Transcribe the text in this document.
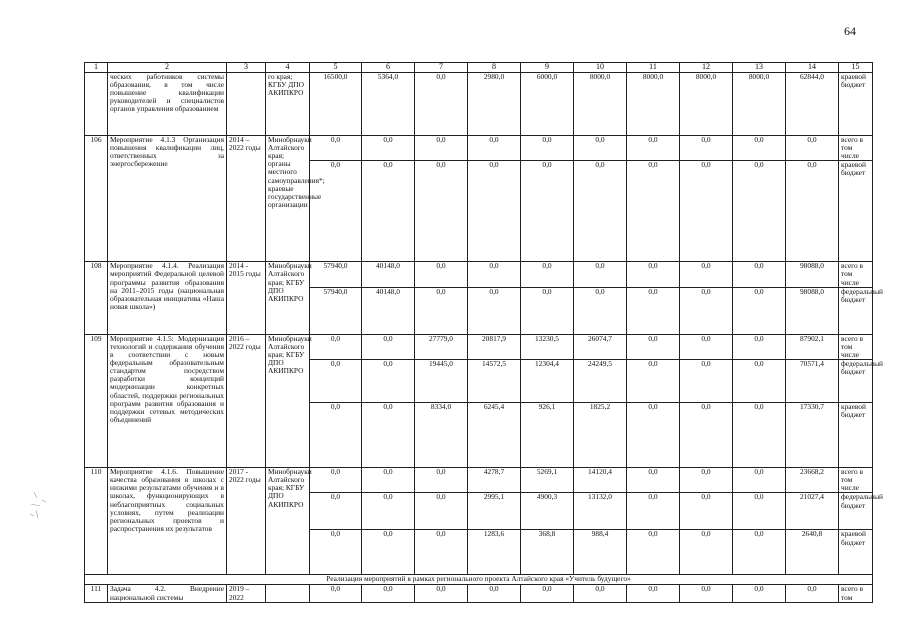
64
1	2	3	4	5	6	7	8	9	10	11	12	13	14	15
	ческих работников системы образования, в том числе повышение квалификации руководителей и специалистов органов управления образованием		го края; КГБУ ДПО АКИПКРО	16500,0	5364,0	0,0	2980,0	6000,0	8000,0	8000,0	8000,0	8000,0	62844,0	краевой бюджет
106	Мероприятие 4.1.3 Организация повышения квалификации лиц, ответственных за энергосбережение	2014 – 2022 годы	Минобрнауки Алтайского края; органы местного самоуправления*; краевые государственные организации	0,0	0,0	0,0	0,0	0,0	0,0	0,0	0,0	0,0	0,0	всего в том числе
				0,0	0,0	0,0	0,0	0,0	0,0	0,0	0,0	0,0	0,0	краевой бюджет
108	Мероприятие 4.1.4. Реализация мероприятий Федеральной целевой программы развития образования на 2011–2015 годы (национальная образовательная инициатива «Наша новая школа»)	2014 - 2015 годы	Минобрнауки Алтайского края; КГБУ ДПО АКИПКРО	57940,0	40148,0	0,0	0,0	0,0	0,0	0,0	0,0	0,0	98088,0	всего в том числе
				57940,0	40148,0	0,0	0,0	0,0	0,0	0,0	0,0	0,0	98088,0	федеральный бюджет
109	Мероприятие 4.1.5: Модернизация технологий и содержания обучения в соответствии с новым федеральным образовательным стандартом посредством разработки концепций модернизации конкретных областей, поддержки региональных программ развития образования и поддержки сетевых методических объединений	2016 – 2022 годы	Минобрнауки Алтайского края; КГБУ ДПО АКИПКРО	0,0	0,0	27779,0	20817,9	13230,5	26074,7	0,0	0,0	0,0	87902,1	всего в том числе
				0,0	0,0	19445,0	14572,5	12304,4	24249,5	0,0	0,0	0,0	70571,4	федеральный бюджет
				0,0	0,0	8334,0	6245,4	926,1	1825,2	0,0	0,0	0,0	17330,7	краевой бюджет
110	Мероприятие 4.1.6. Повышение качества образования в школах с низкими результатами обучения и в школах, функционирующих в неблагоприятных социальных условиях, путем реализации региональных проектов и распространения их результатов	2017 - 2022 годы	Минобрнауки Алтайского края; КГБУ ДПО АКИПКРО	0,0	0,0	0,0	4278,7	5269,1	14120,4	0,0	0,0	0,0	23668,2	всего в том числе
				0,0	0,0	0,0	2995,1	4900,3	13132,0	0,0	0,0	0,0	21027,4	федеральный бюджет
				0,0	0,0	0,0	1283,6	368,8	988,4	0,0	0,0	0,0	2640,8	краевой бюджет
Реализация мероприятий в рамках регионального проекта Алтайского края «Учитель будущего»														
111	Задача 4.2. Внедрение национальной системы	2019 – 2022		0,0	0,0	0,0	0,0	0,0	0,0	0,0	0,0	0,0	0,0	всего в том
